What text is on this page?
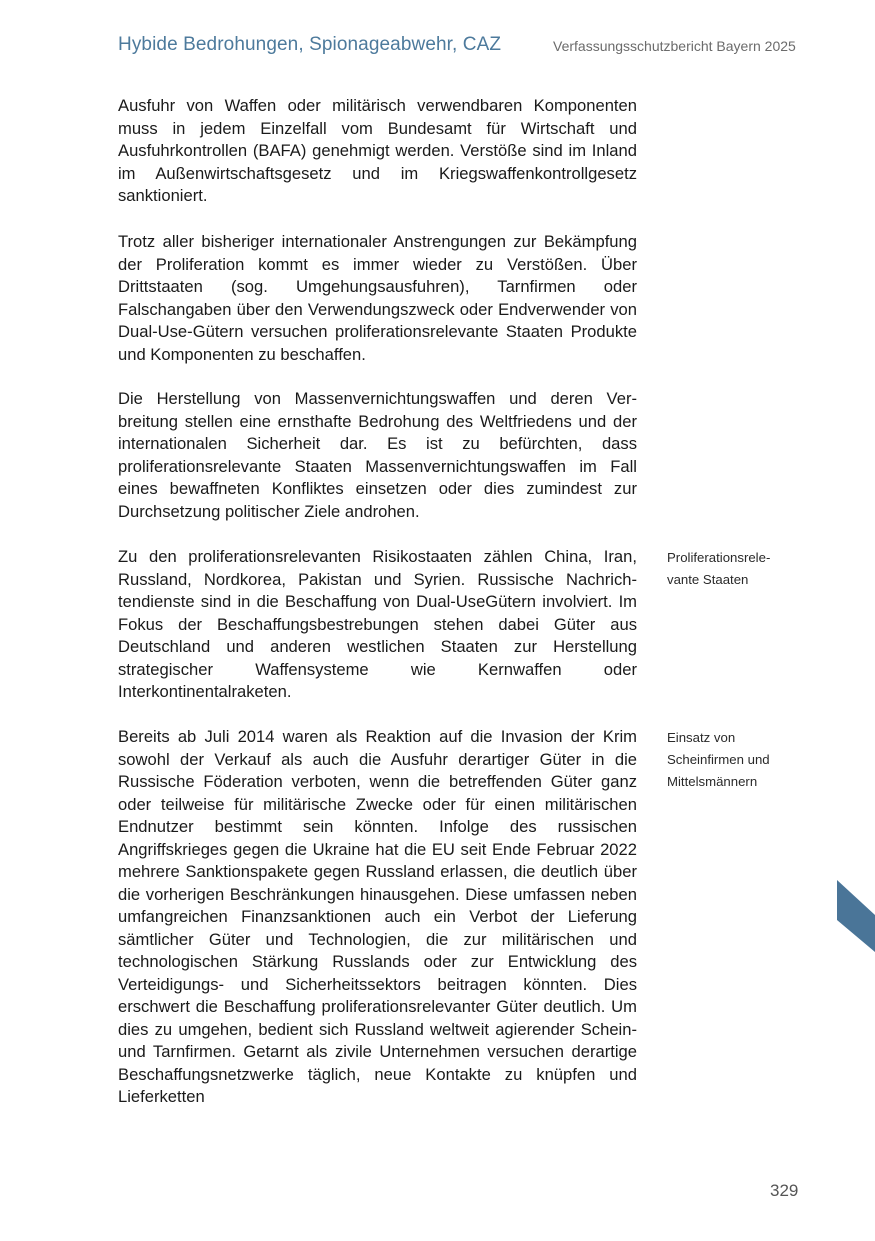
Hybide Bedrohungen, Spionageabwehr, CAZ	Verfassungsschutzbericht Bayern 2025

Ausfuhr von Waffen oder militärisch verwendbaren Komponenten muss in jedem Einzelfall vom Bundesamt für Wirtschaft und Ausfuhrkontrollen (BAFA) genehmigt werden. Verstöße sind im Inland im Außenwirtschaftsgesetz und im Kriegswaffenkontrollgesetz sanktioniert.

Trotz aller bisheriger internationaler Anstrengungen zur Bekämpfung der Proliferation kommt es immer wieder zu Verstößen. Über Drittstaaten (sog. Umgehungsausfuhren), Tarnfirmen oder Falschangaben über den Verwendungszweck oder Endverwender von Dual-Use-Gütern versuchen proliferationsrelevante Staaten Produkte und Komponenten zu beschaffen.

Die Herstellung von Massenvernichtungswaffen und deren Verbreitung stellen eine ernsthafte Bedrohung des Weltfriedens und der internationalen Sicherheit dar. Es ist zu befürchten, dass proliferationsrelevante Staaten Massenvernichtungswaffen im Fall eines bewaffneten Konfliktes einsetzen oder dies zumindest zur Durchsetzung politischer Ziele androhen.

Zu den proliferationsrelevanten Risikostaaten zählen China, Iran, Russland, Nordkorea, Pakistan und Syrien. Russische Nachrichtendienste sind in die Beschaffung von Dual-UseGütern involviert. Im Fokus der Beschaffungsbestrebungen stehen dabei Güter aus Deutschland und anderen westlichen Staaten zur Herstellung strategischer Waffensysteme wie Kernwaffen oder Interkontinentalraketen.

Bereits ab Juli 2014 waren als Reaktion auf die Invasion der Krim sowohl der Verkauf als auch die Ausfuhr derartiger Güter in die Russische Föderation verboten, wenn die betreffenden Güter ganz oder teilweise für militärische Zwecke oder für einen militärischen Endnutzer bestimmt sein könnten. Infolge des russischen Angriffskrieges gegen die Ukraine hat die EU seit Ende Februar 2022 mehrere Sanktionspakete gegen Russland erlassen, die deutlich über die vorherigen Beschränkungen hinausgehen. Diese umfassen neben umfangreichen Finanzsanktionen auch ein Verbot der Lieferung sämtlicher Güter und Technologien, die zur militärischen und technologischen Stärkung Russlands oder zur Entwicklung des Verteidigungs- und Sicherheitssektors beitragen könnten. Dies erschwert die Beschaffung proliferationsrelevanter Güter deutlich. Um dies zu umgehen, bedient sich Russland weltweit agierender Schein- und Tarnfirmen. Getarnt als zivile Unternehmen versuchen derartige Beschaffungsnetzwerke täglich, neue Kontakte zu knüpfen und Lieferketten

Proliferationsrelevante Staaten
Einsatz von Scheinfirmen und Mittelsmännern
329
